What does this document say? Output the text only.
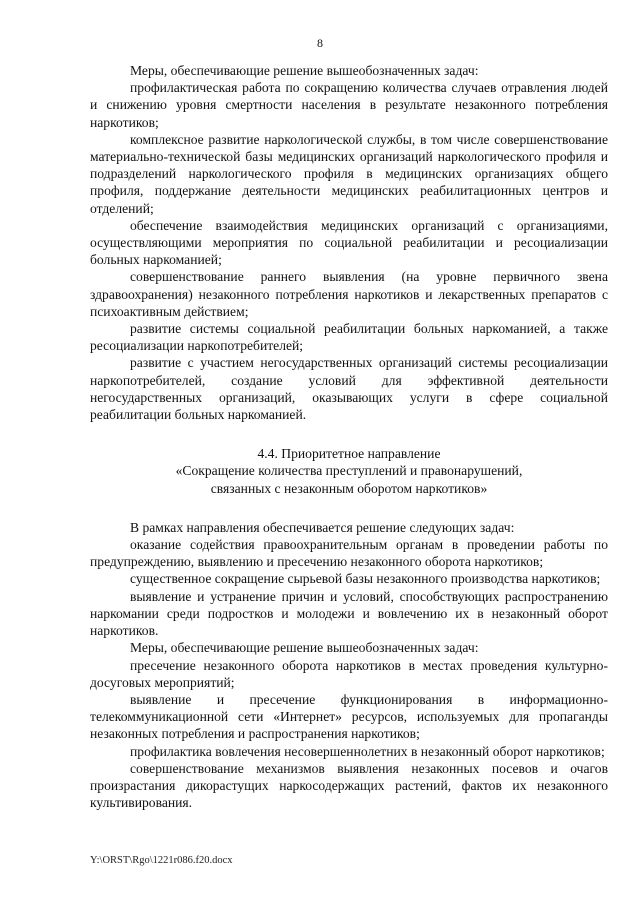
8

Меры, обеспечивающие решение вышеобозначенных задач:

профилактическая работа по сокращению количества случаев отравления людей и снижению уровня смертности населения в результате незаконного потребления наркотиков;

комплексное развитие наркологической службы, в том числе совершенствование материально-технической базы медицинских организаций наркологического профиля и подразделений наркологического профиля в медицинских организациях общего профиля, поддержание деятельности медицинских реабилитационных центров и отделений;

обеспечение взаимодействия медицинских организаций с организациями, осуществляющими мероприятия по социальной реабилитации и ресоциализации больных наркоманией;

совершенствование раннего выявления (на уровне первичного звена здравоохранения) незаконного потребления наркотиков и лекарственных препаратов с психоактивным действием;

развитие системы социальной реабилитации больных наркоманией, а также ресоциализации наркопотребителей;

развитие с участием негосударственных организаций системы ресоциализации наркопотребителей, создание условий для эффективной деятельности негосударственных организаций, оказывающих услуги в сфере социальной реабилитации больных наркоманией.

4.4. Приоритетное направление
«Сокращение количества преступлений и правонарушений,
связанных с незаконным оборотом наркотиков»

В рамках направления обеспечивается решение следующих задач:

оказание содействия правоохранительным органам в проведении работы по предупреждению, выявлению и пресечению незаконного оборота наркотиков;

существенное сокращение сырьевой базы незаконного производства наркотиков;

выявление и устранение причин и условий, способствующих распространению наркомании среди подростков и молодежи и вовлечению их в незаконный оборот наркотиков.

Меры, обеспечивающие решение вышеобозначенных задач:

пресечение незаконного оборота наркотиков в местах проведения культурно-досуговых мероприятий;

выявление и пресечение функционирования в информационно-телекоммуникационной сети «Интернет» ресурсов, используемых для пропаганды незаконных потребления и распространения наркотиков;

профилактика вовлечения несовершеннолетних в незаконный оборот наркотиков;

совершенствование механизмов выявления незаконных посевов и очагов произрастания дикорастущих наркосодержащих растений, фактов их незаконного культивирования.

Y:\ORST\Rgo\1221r086.f20.docx
